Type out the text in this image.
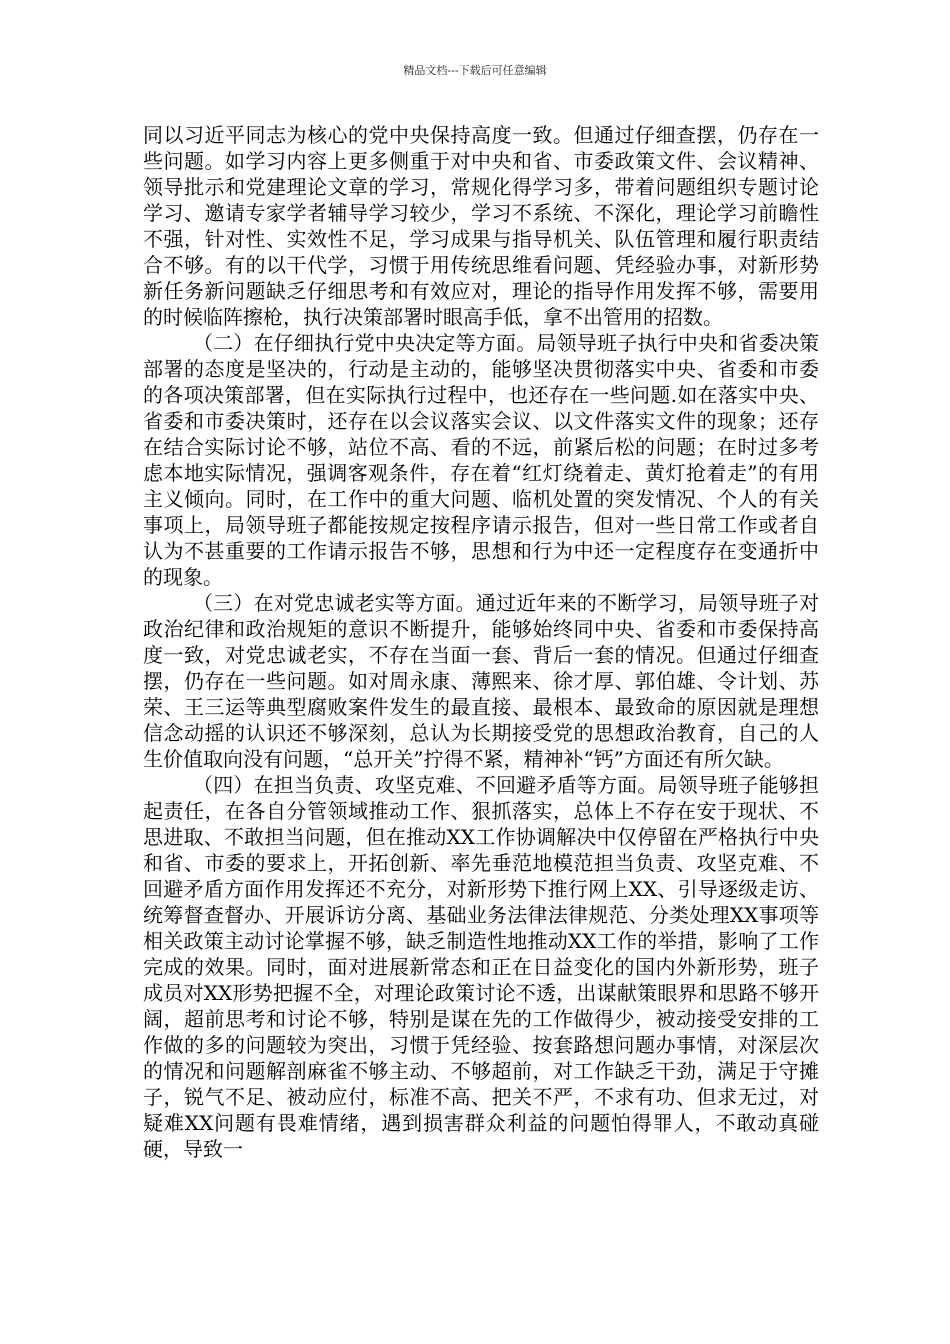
精品文档---下载后可任意编辑

同以习近平同志为核心的党中央保持高度一致。但通过仔细查摆，仍存在一些问题。如学习内容上更多侧重于对中央和省、市委政策文件、会议精神、领导批示和党建理论文章的学习，常规化得学习多，带着问题组织专题讨论学习、邀请专家学者辅导学习较少，学习不系统、不深化，理论学习前瞻性不强，针对性、实效性不足，学习成果与指导机关、队伍管理和履行职责结合不够。有的以干代学，习惯于用传统思维看问题、凭经验办事，对新形势新任务新问题缺乏仔细思考和有效应对，理论的指导作用发挥不够，需要用的时候临阵擦枪，执行决策部署时眼高手低，拿不出管用的招数。

（二）在仔细执行党中央决定等方面。局领导班子执行中央和省委决策部署的态度是坚决的，行动是主动的，能够坚决贯彻落实中央、省委和市委的各项决策部署，但在实际执行过程中，也还存在一些问题.如在落实中央、省委和市委决策时，还存在以会议落实会议、以文件落实文件的现象；还存在结合实际讨论不够，站位不高、看的不远，前紧后松的问题；在时过多考虑本地实际情况，强调客观条件，存在着“红灯绕着走、黄灯抢着走”的有用主义倾向。同时，在工作中的重大问题、临机处置的突发情况、个人的有关事项上，局领导班子都能按规定按程序请示报告，但对一些日常工作或者自认为不甚重要的工作请示报告不够，思想和行为中还一定程度存在变通折中的现象。

（三）在对党忠诚老实等方面。通过近年来的不断学习，局领导班子对政治纪律和政治规矩的意识不断提升，能够始终同中央、省委和市委保持高度一致，对党忠诚老实，不存在当面一套、背后一套的情况。但通过仔细查摆，仍存在一些问题。如对周永康、薄熙来、徐才厚、郭伯雄、令计划、苏荣、王三运等典型腐败案件发生的最直接、最根本、最致命的原因就是理想信念动摇的认识还不够深刻，总认为长期接受党的思想政治教育，自己的人生价值取向没有问题，“总开关”拧得不紧，精神补“钙”方面还有所欠缺。

（四）在担当负责、攻坚克难、不回避矛盾等方面。局领导班子能够担起责任，在各自分管领域推动工作、狠抓落实，总体上不存在安于现状、不思进取、不敢担当问题，但在推动XX工作协调解决中仅停留在严格执行中央和省、市委的要求上，开拓创新、率先垂范地模范担当负责、攻坚克难、不回避矛盾方面作用发挥还不充分，对新形势下推行网上XX、引导逐级走访、统筹督查督办、开展诉访分离、基础业务法律法律规范、分类处理XX事项等相关政策主动讨论掌握不够，缺乏制造性地推动XX工作的举措，影响了工作完成的效果。同时，面对进展新常态和正在日益变化的国内外新形势，班子成员对XX形势把握不全，对理论政策讨论不透，出谋献策眼界和思路不够开阔，超前思考和讨论不够，特别是谋在先的工作做得少，被动接受安排的工作做的多的问题较为突出，习惯于凭经验、按套路想问题办事情，对深层次的情况和问题解剖麻雀不够主动、不够超前，对工作缺乏干劲，满足于守摊子，锐气不足、被动应付，标准不高、把关不严，不求有功、但求无过，对疑难XX问题有畏难情绪，遇到损害群众利益的问题怕得罪人，不敢动真碰硬，导致一
